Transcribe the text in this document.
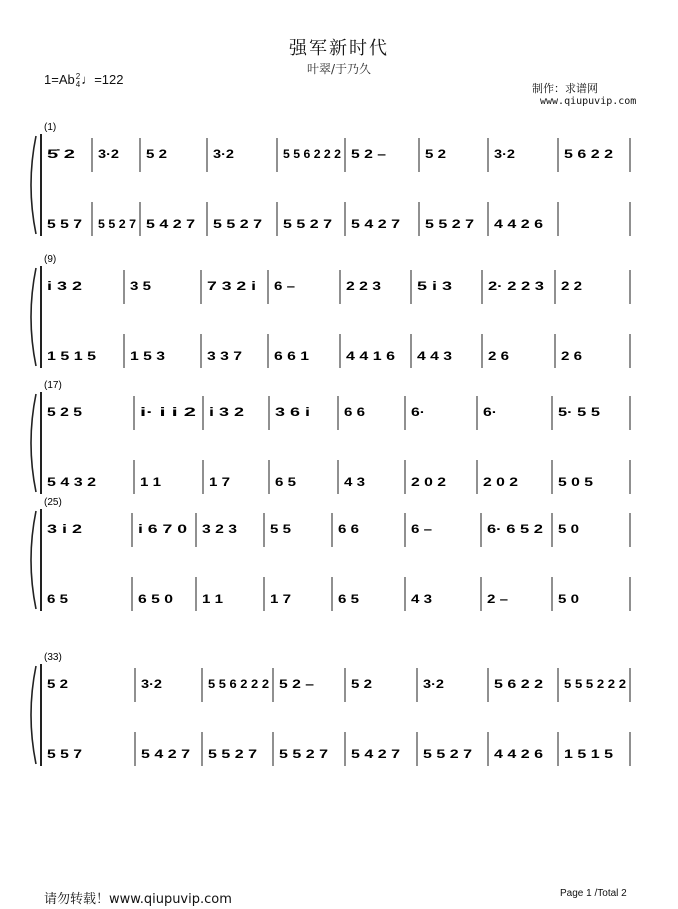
强军新时代
叶翠/于乃久
1=Ab2
4♩=122
制作：求谱网
www.qiupuvip.com
(1)
5̇ 2
5 5 7
3·2
5 5 2 7
5 2
5 4 2 7
3·2
5 5 2 7
5 5 6 2 2 2
5 5 2 7
5 2 –
5 4 2 7
5 2
5 5 2 7
3·2
4 4 2 6
5 6 2 2
(9)
i 3 2
1 5 1 5
3 5
1 5 3
7 3 2 i
3 3 7
6 –
6 6 1
2 2 3
4 4 1 6
5 i 3
4 4 3
2· 2 2 3
2 6
2 2
2 6
(17)
5 2 5
5 4 3 2
i· i i 2
1 1
i 3 2
1 7
3 6 i
6 5
6 6
4 3
6·
2 0 2
6·
2 0 2
5· 5 5
5 0 5
(25)
3 i 2
6 5
i 6 7 0
6 5 0
3 2 3
1 1
5 5
1 7
6 6
6 5
6 –
4 3
6· 6 5 2
2 –
5 0
5 0
(33)
5 2
5 5 7
3·2
5 4 2 7
5 5 6 2 2 2
5 5 2 7
5 2 –
5 5 2 7
5 2
5 4 2 7
3·2
5 5 2 7
5 6 2 2
4 4 2 6
5 5 5 2 2 2
1 5 1 5
请勿转载！www.qiupuvip.com	Page 1 /Total 2
